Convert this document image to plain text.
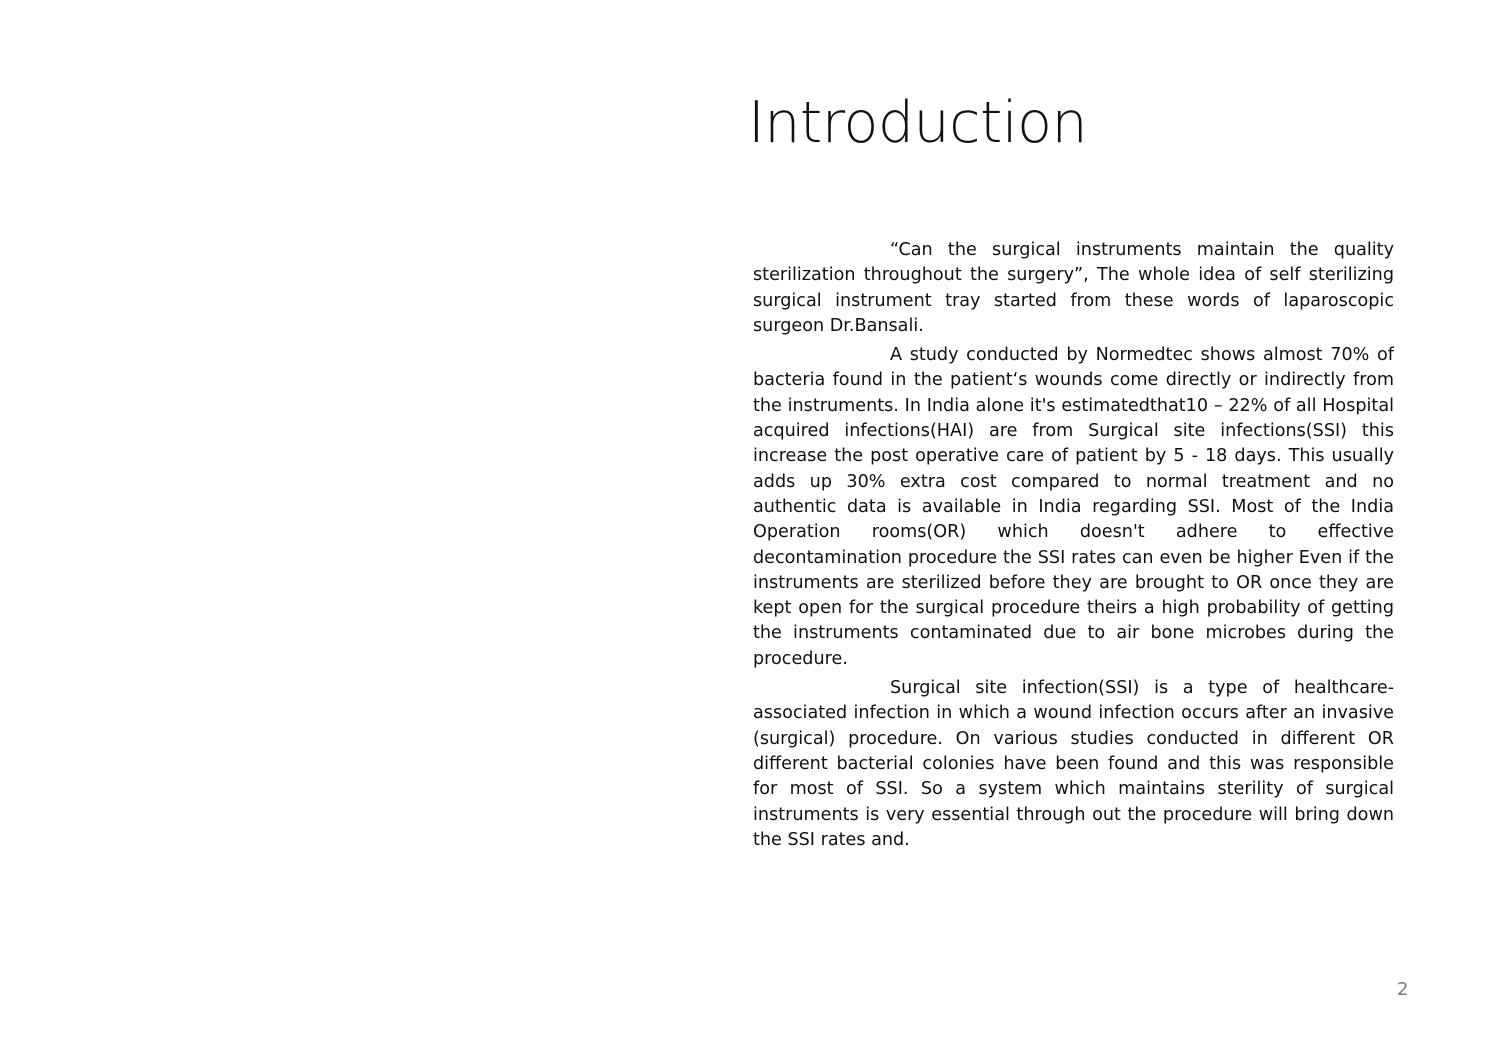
Introduction

“Can the surgical instruments maintain the quality sterilization throughout the surgery”, The whole idea of self sterilizing surgical instrument tray started from these words of laparoscopic surgeon Dr.Bansali.

A study conducted by Normedtec shows almost 70% of bacteria found in the patient‘s wounds come directly or indirectly from the instruments. In India alone it's estimatedthat10 – 22% of all Hospital acquired infections(HAI) are from Surgical site infections(SSI) this increase the post operative care of patient by 5 - 18 days. This usually adds up 30% extra cost compared to normal treatment and no authentic data is available in India regarding SSI. Most of the India Operation rooms(OR) which doesn't adhere to effective decontamination procedure the SSI rates can even be higher Even if the instruments are sterilized before they are brought to OR once they are kept open for the surgical procedure theirs a high probability of getting the instruments contaminated due to air bone microbes during the procedure.

Surgical site infection(SSI) is a type of healthcare-associated infection in which a wound infection occurs after an invasive (surgical) procedure. On various studies conducted in different OR different bacterial colonies have been found and this was responsible for most of SSI. So a system which maintains sterility of surgical instruments is very essential through out the procedure will bring down the SSI rates and.

2
